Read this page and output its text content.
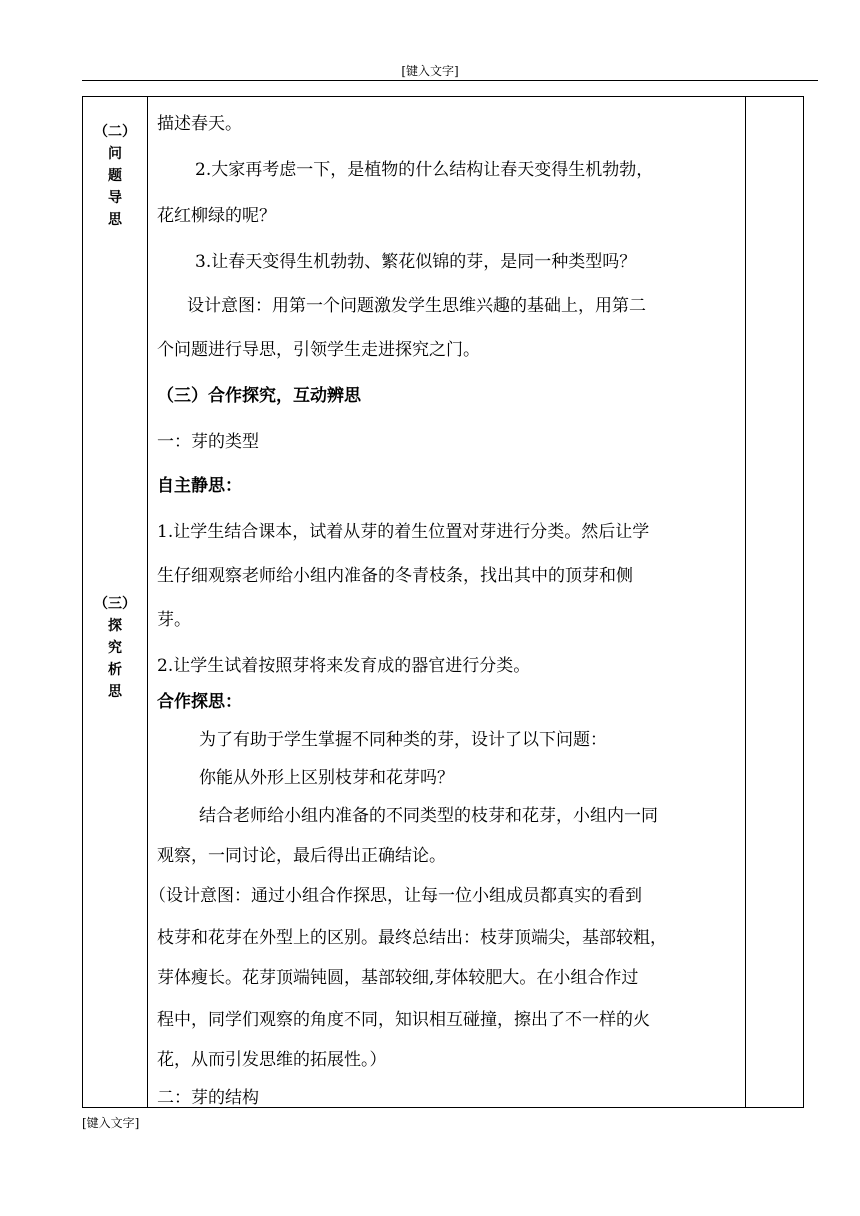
[键入文字]
（二）
问
题
导
思
（三）
探
究
析
思
描述春天。
2.大家再考虑一下，是植物的什么结构让春天变得生机勃勃，
花红柳绿的呢？
3.让春天变得生机勃勃、繁花似锦的芽，是同一种类型吗？
设计意图：用第一个问题激发学生思维兴趣的基础上，用第二
个问题进行导思，引领学生走进探究之门。
（三）合作探究，互动辨思
一：芽的类型
自主静思：
1.让学生结合课本，试着从芽的着生位置对芽进行分类。然后让学
生仔细观察老师给小组内准备的冬青枝条，找出其中的顶芽和侧
芽。
2.让学生试着按照芽将来发育成的器官进行分类。
合作探思：
为了有助于学生掌握不同种类的芽，设计了以下问题：
你能从外形上区别枝芽和花芽吗？
结合老师给小组内准备的不同类型的枝芽和花芽，小组内一同
观察，一同讨论，最后得出正确结论。
（设计意图：通过小组合作探思，让每一位小组成员都真实的看到
枝芽和花芽在外型上的区别。最终总结出：枝芽顶端尖，基部较粗，
芽体瘦长。花芽顶端钝圆，基部较细,芽体较肥大。在小组合作过
程中，同学们观察的角度不同，知识相互碰撞，擦出了不一样的火
花，从而引发思维的拓展性。）
二：芽的结构
[键入文字]
